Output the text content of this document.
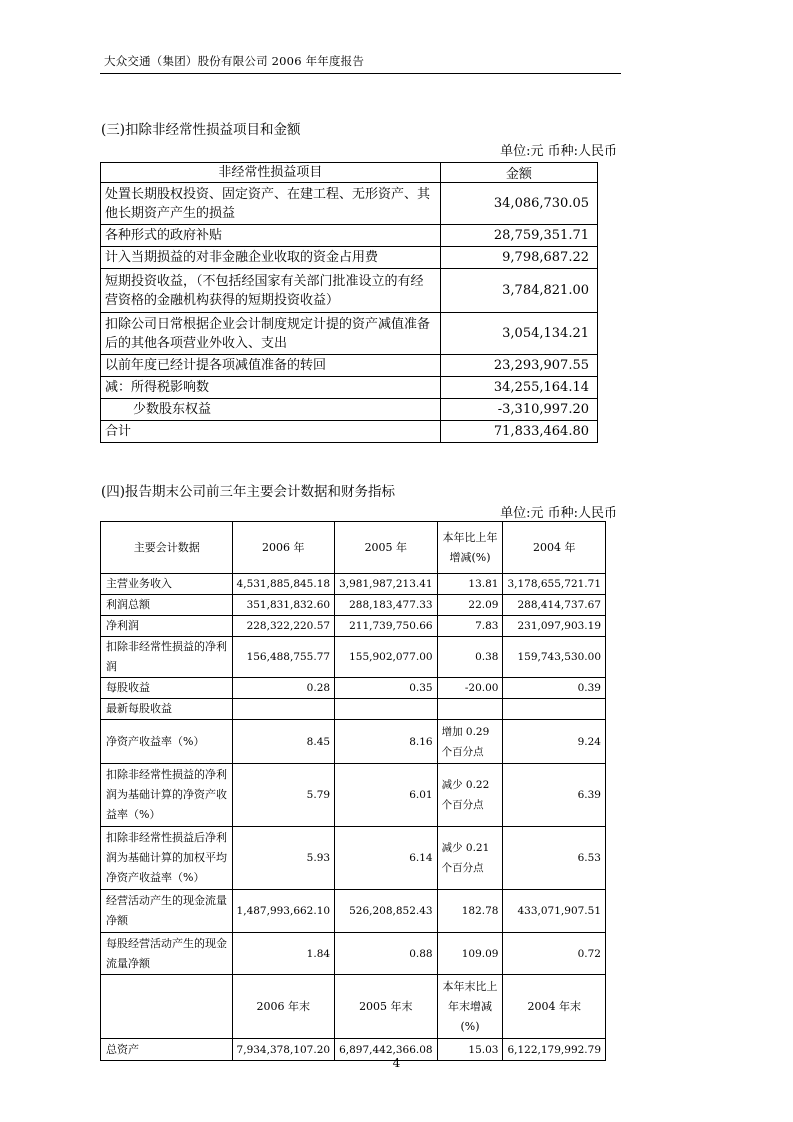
大众交通（集团）股份有限公司 2006 年年度报告
(三)扣除非经常性损益项目和金额
单位:元 币种:人民币
非经常性损益项目	金额
处置长期股权投资、固定资产、在建工程、无形资产、其他长期资产产生的损益	34,086,730.05
各种形式的政府补贴	28,759,351.71
计入当期损益的对非金融企业收取的资金占用费	9,798,687.22
短期投资收益，（不包括经国家有关部门批准设立的有经营资格的金融机构获得的短期投资收益）	3,784,821.00
扣除公司日常根据企业会计制度规定计提的资产减值准备后的其他各项营业外收入、支出	3,054,134.21
以前年度已经计提各项减值准备的转回	23,293,907.55
减：所得税影响数	34,255,164.14
少数股东权益	-3,310,997.20
合计	71,833,464.80
(四)报告期末公司前三年主要会计数据和财务指标
单位:元 币种:人民币
主要会计数据	2006 年	2005 年	本年比上年增减(%)	2004 年
主营业务收入	4,531,885,845.18	3,981,987,213.41	13.81	3,178,655,721.71
利润总额	351,831,832.60	288,183,477.33	22.09	288,414,737.67
净利润	228,322,220.57	211,739,750.66	7.83	231,097,903.19
扣除非经常性损益的净利润	156,488,755.77	155,902,077.00	0.38	159,743,530.00
每股收益	0.28	0.35	-20.00	0.39
最新每股收益				
净资产收益率（%）	8.45	8.16	增加 0.29 个百分点	9.24
扣除非经常性损益的净利润为基础计算的净资产收益率（%）	5.79	6.01	减少 0.22 个百分点	6.39
扣除非经常性损益后净利润为基础计算的加权平均净资产收益率（%）	5.93	6.14	减少 0.21 个百分点	6.53
经营活动产生的现金流量净额	1,487,993,662.10	526,208,852.43	182.78	433,071,907.51
每股经营活动产生的现金流量净额	1.84	0.88	109.09	0.72
	2006 年末	2005 年末	本年末比上年末增减(%)	2004 年末
总资产	7,934,378,107.20	6,897,442,366.08	15.03	6,122,179,992.79
4
